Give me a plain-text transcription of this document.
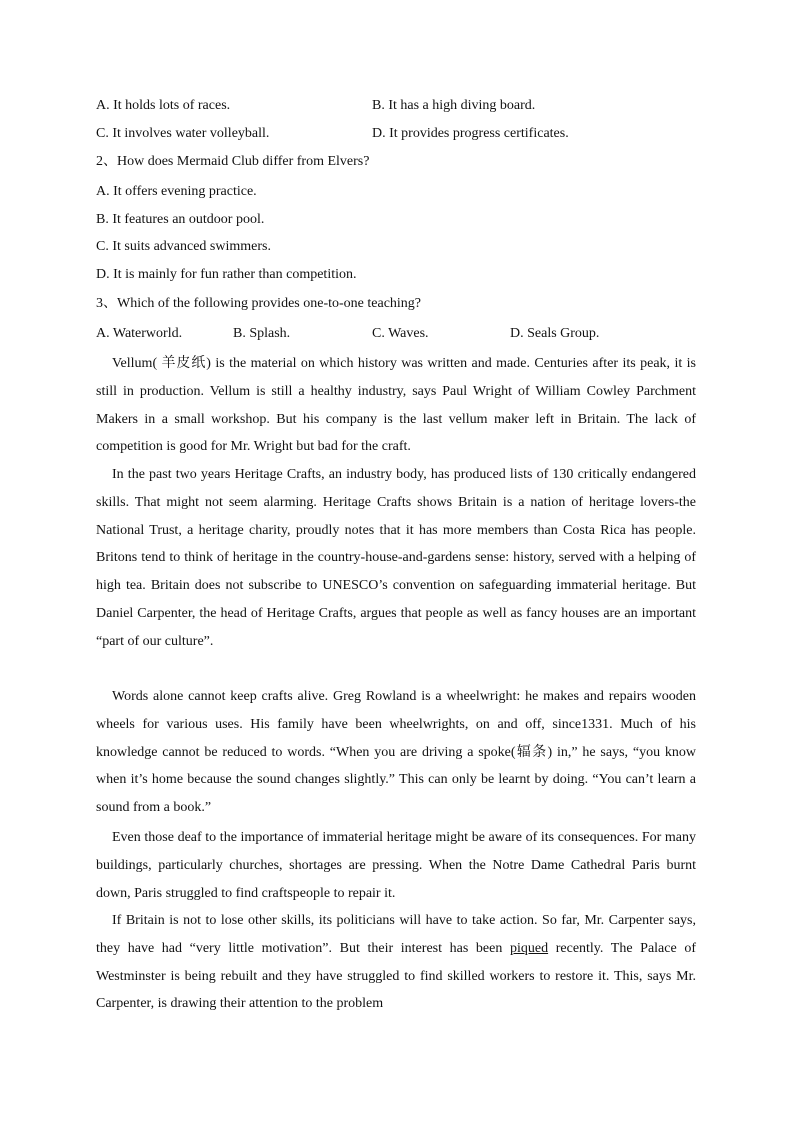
A. It holds lots of races.	B. It has a high diving board.
C. It involves water volleyball.	D. It provides progress certificates.
2、How does Mermaid Club differ from Elvers?
A. It offers evening practice.
B. It features an outdoor pool.
C. It suits advanced swimmers.
D. It is mainly for fun rather than competition.
3、Which of the following provides one-to-one teaching?
A. Waterworld.	B. Splash.	C. Waves.	D. Seals Group.
Vellum( 羊皮纸) is the material on which history was written and made. Centuries after its peak, it is still in production. Vellum is still a healthy industry, says Paul Wright of William Cowley Parchment Makers in a small workshop. But his company is the last vellum maker left in Britain. The lack of competition is good for Mr. Wright but bad for the craft.
In the past two years Heritage Crafts, an industry body, has produced lists of 130 critically endangered skills. That might not seem alarming. Heritage Crafts shows Britain is a nation of heritage lovers-the National Trust, a heritage charity, proudly notes that it has more members than Costa Rica has people. Britons tend to think of heritage in the country-house-and-gardens sense: history, served with a helping of high tea. Britain does not subscribe to UNESCO’s convention on safeguarding immaterial heritage. But Daniel Carpenter, the head of Heritage Crafts, argues that people as well as fancy houses are an important “part of our culture”.
Words alone cannot keep crafts alive. Greg Rowland is a wheelwright: he makes and repairs wooden wheels for various uses. His family have been wheelwrights, on and off, since1331. Much of his knowledge cannot be reduced to words. “When you are driving a spoke(辐条) in,” he says, “you know when it’s home because the sound changes slightly.” This can only be learnt by doing. “You can’t learn a sound from a book.”
Even those deaf to the importance of immaterial heritage might be aware of its consequences. For many buildings, particularly churches, shortages are pressing. When the Notre Dame Cathedral Paris burnt down, Paris struggled to find craftspeople to repair it.
If Britain is not to lose other skills, its politicians will have to take action. So far, Mr. Carpenter says, they have had “very little motivation”. But their interest has been piqued recently. The Palace of Westminster is being rebuilt and they have struggled to find skilled workers to restore it. This, says Mr. Carpenter, is drawing their attention to the problem
